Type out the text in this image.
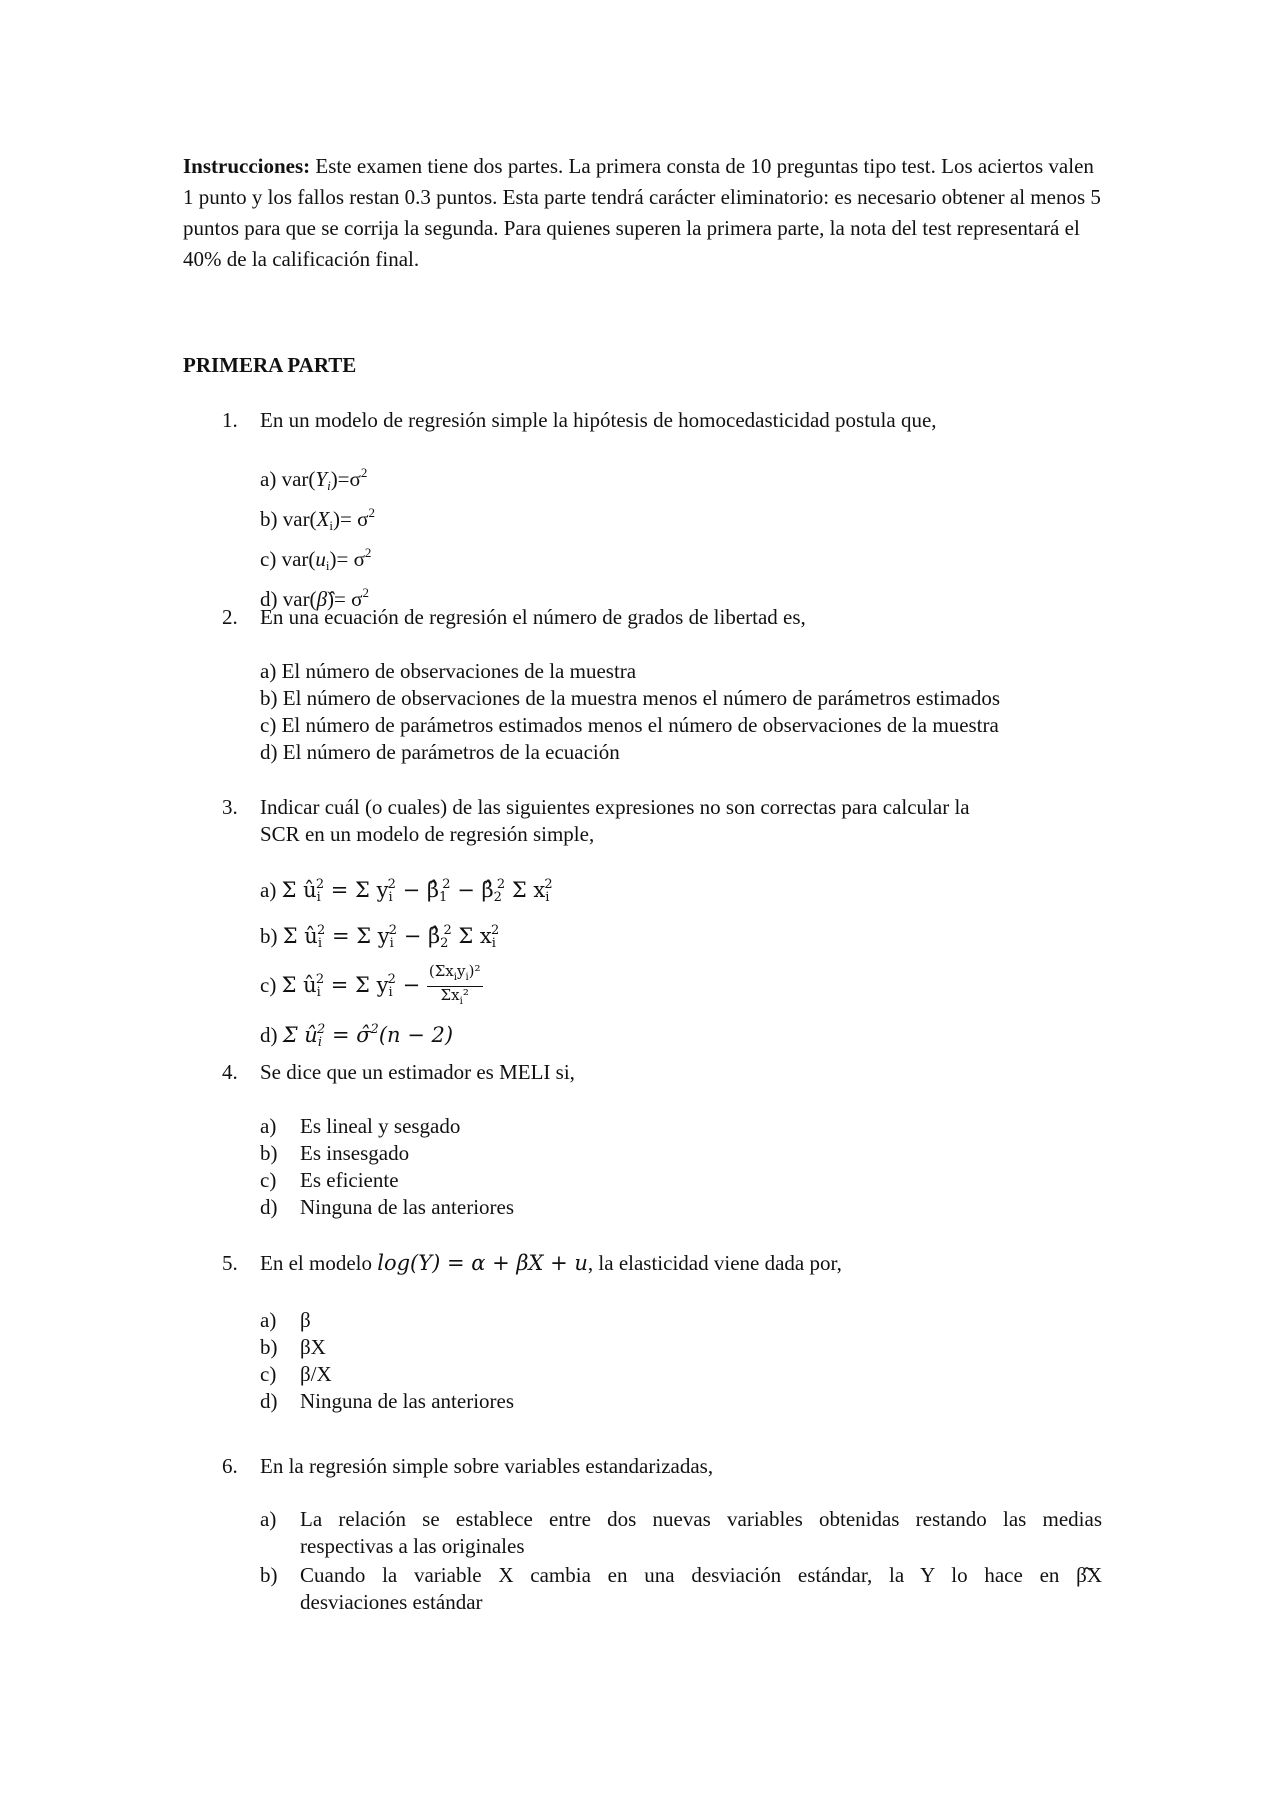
Instrucciones: Este examen tiene dos partes. La primera consta de 10 preguntas tipo test. Los aciertos valen 1 punto y los fallos restan 0.3 puntos. Esta parte tendrá carácter eliminatorio: es necesario obtener al menos 5 puntos para que se corrija la segunda. Para quienes superen la primera parte, la nota del test representará el 40% de la calificación final.
PRIMERA PARTE
1. En un modelo de regresión simple la hipótesis de homocedasticidad postula que,
a) $var(Y_i)=\sigma^2$
b) $var(X_i)= \sigma^2$
c) $var(u_i)= \sigma^2$
d) var(β̂)= $\sigma^2$
2. En una ecuación de regresión el número de grados de libertad es,
a) El número de observaciones de la muestra
b) El número de observaciones de la muestra menos el número de parámetros estimados
c) El número de parámetros estimados menos el número de observaciones de la muestra
d) El número de parámetros de la ecuación
3. Indicar cuál (o cuales) de las siguientes expresiones no son correctas para calcular la
SCR en un modelo de regresión simple,
a) Σ $û_i^2 = \Sigma$ $y_i^2$ − $\betâ_1^2$ − $\betâ_2^2$ Σ $x_i^2$
b) Σ $û_i^2 = \Sigma$ $y_i^2$ − $\betâ_2^2$ Σ $x_i^2$
c) Σ $û_i^2 = \Sigma$ $y_i^2 - \frac{(\Sigma x_iy_i)^2}{\Sigma x_i^2}$
d) Σ $û_i^2$ = σ̂$^2$(n − 2)
4. Se dice que un estimador es MELI si,
a)	Es lineal y sesgado
b)	Es insesgado
c)	Es eficiente
d)	Ninguna de las anteriores
5. En el modelo log(Y) = α + βX + u, la elasticidad viene dada por,
a)	β
b)	βX
c)	β/X
d)	Ninguna de las anteriores
6. En la regresión simple sobre variables estandarizadas,
a)	La relación se establece entre dos nuevas variables obtenidas restando las medias
respectivas a las originales
b)	Cuando la variable X cambia en una desviación estándar, la Y lo hace en β̂X
desviaciones estándar
